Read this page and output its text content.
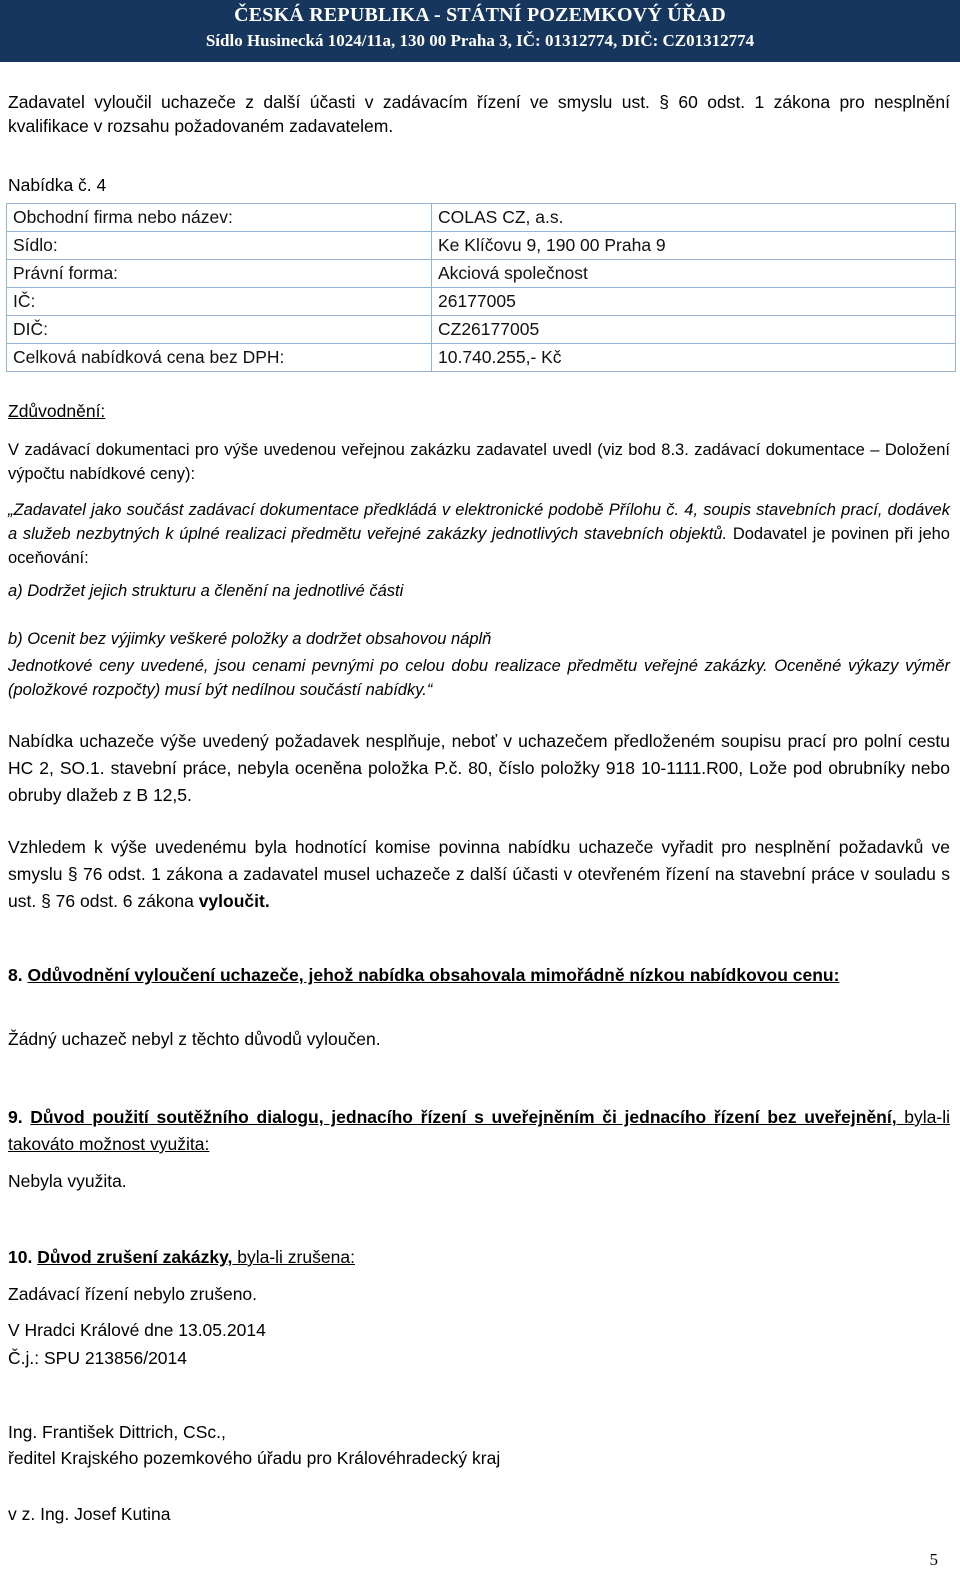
ČESKÁ REPUBLIKA - STÁTNÍ POZEMKOVÝ ÚŘAD
Sídlo Husinecká 1024/11a, 130 00 Praha 3, IČ: 01312774, DIČ: CZ01312774
Zadavatel vyloučil uchazeče z další účasti v zadávacím řízení ve smyslu ust. § 60 odst. 1 zákona pro nesplnění kvalifikace v rozsahu požadovaném zadavatelem.
Nabídka č. 4
Obchodní firma nebo název:	COLAS CZ, a.s.
Sídlo:	Ke Klíčovu 9, 190 00 Praha 9
Právní forma:	Akciová společnost
IČ:	26177005
DIČ:	CZ26177005
Celková nabídková cena bez DPH:	10.740.255,- Kč
Zdůvodnění:
V zadávací dokumentaci pro výše uvedenou veřejnou zakázku zadavatel uvedl (viz bod 8.3. zadávací dokumentace – Doložení výpočtu nabídkové ceny):
„Zadavatel jako součást zadávací dokumentace předkládá v elektronické podobě Přílohu č. 4, soupis stavebních prací, dodávek a služeb nezbytných k úplné realizaci předmětu veřejné zakázky jednotlivých stavebních objektů. Dodavatel je povinen při jeho oceňování:
a) Dodržet jejich strukturu a členění na jednotlivé části
b) Ocenit bez výjimky veškeré položky a dodržet obsahovou náplň
Jednotkové ceny uvedené, jsou cenami pevnými po celou dobu realizace předmětu veřejné zakázky. Oceněné výkazy výměr (položkové rozpočty) musí být nedílnou součástí nabídky.“
Nabídka uchazeče výše uvedený požadavek nesplňuje, neboť v uchazečem předloženém soupisu prací pro polní cestu HC 2, SO.1. stavební práce, nebyla oceněna položka P.č. 80, číslo položky 918 10-1111.R00, Lože pod obrubníky nebo obruby dlažeb z B 12,5.
Vzhledem k výše uvedenému byla hodnotící komise povinna nabídku uchazeče vyřadit pro nesplnění požadavků ve smyslu § 76 odst. 1 zákona a zadavatel musel uchazeče z další účasti v otevřeném řízení na stavební práce v souladu s ust. § 76 odst. 6 zákona vyloučit.
8. Odůvodnění vyloučení uchazeče, jehož nabídka obsahovala mimořádně nízkou nabídkovou cenu:
Žádný uchazeč nebyl z těchto důvodů vyloučen.
9. Důvod použití soutěžního dialogu, jednacího řízení s uveřejněním či jednacího řízení bez uveřejnění, byla-li takováto možnost využita:
Nebyla využita.
10. Důvod zrušení zakázky, byla-li zrušena:
Zadávací řízení nebylo zrušeno.
V Hradci Králové dne 13.05.2014
Č.j.: SPU 213856/2014
Ing. František Dittrich, CSc.,
ředitel Krajského pozemkového úřadu pro Královéhradecký kraj
v z. Ing. Josef Kutina
5
